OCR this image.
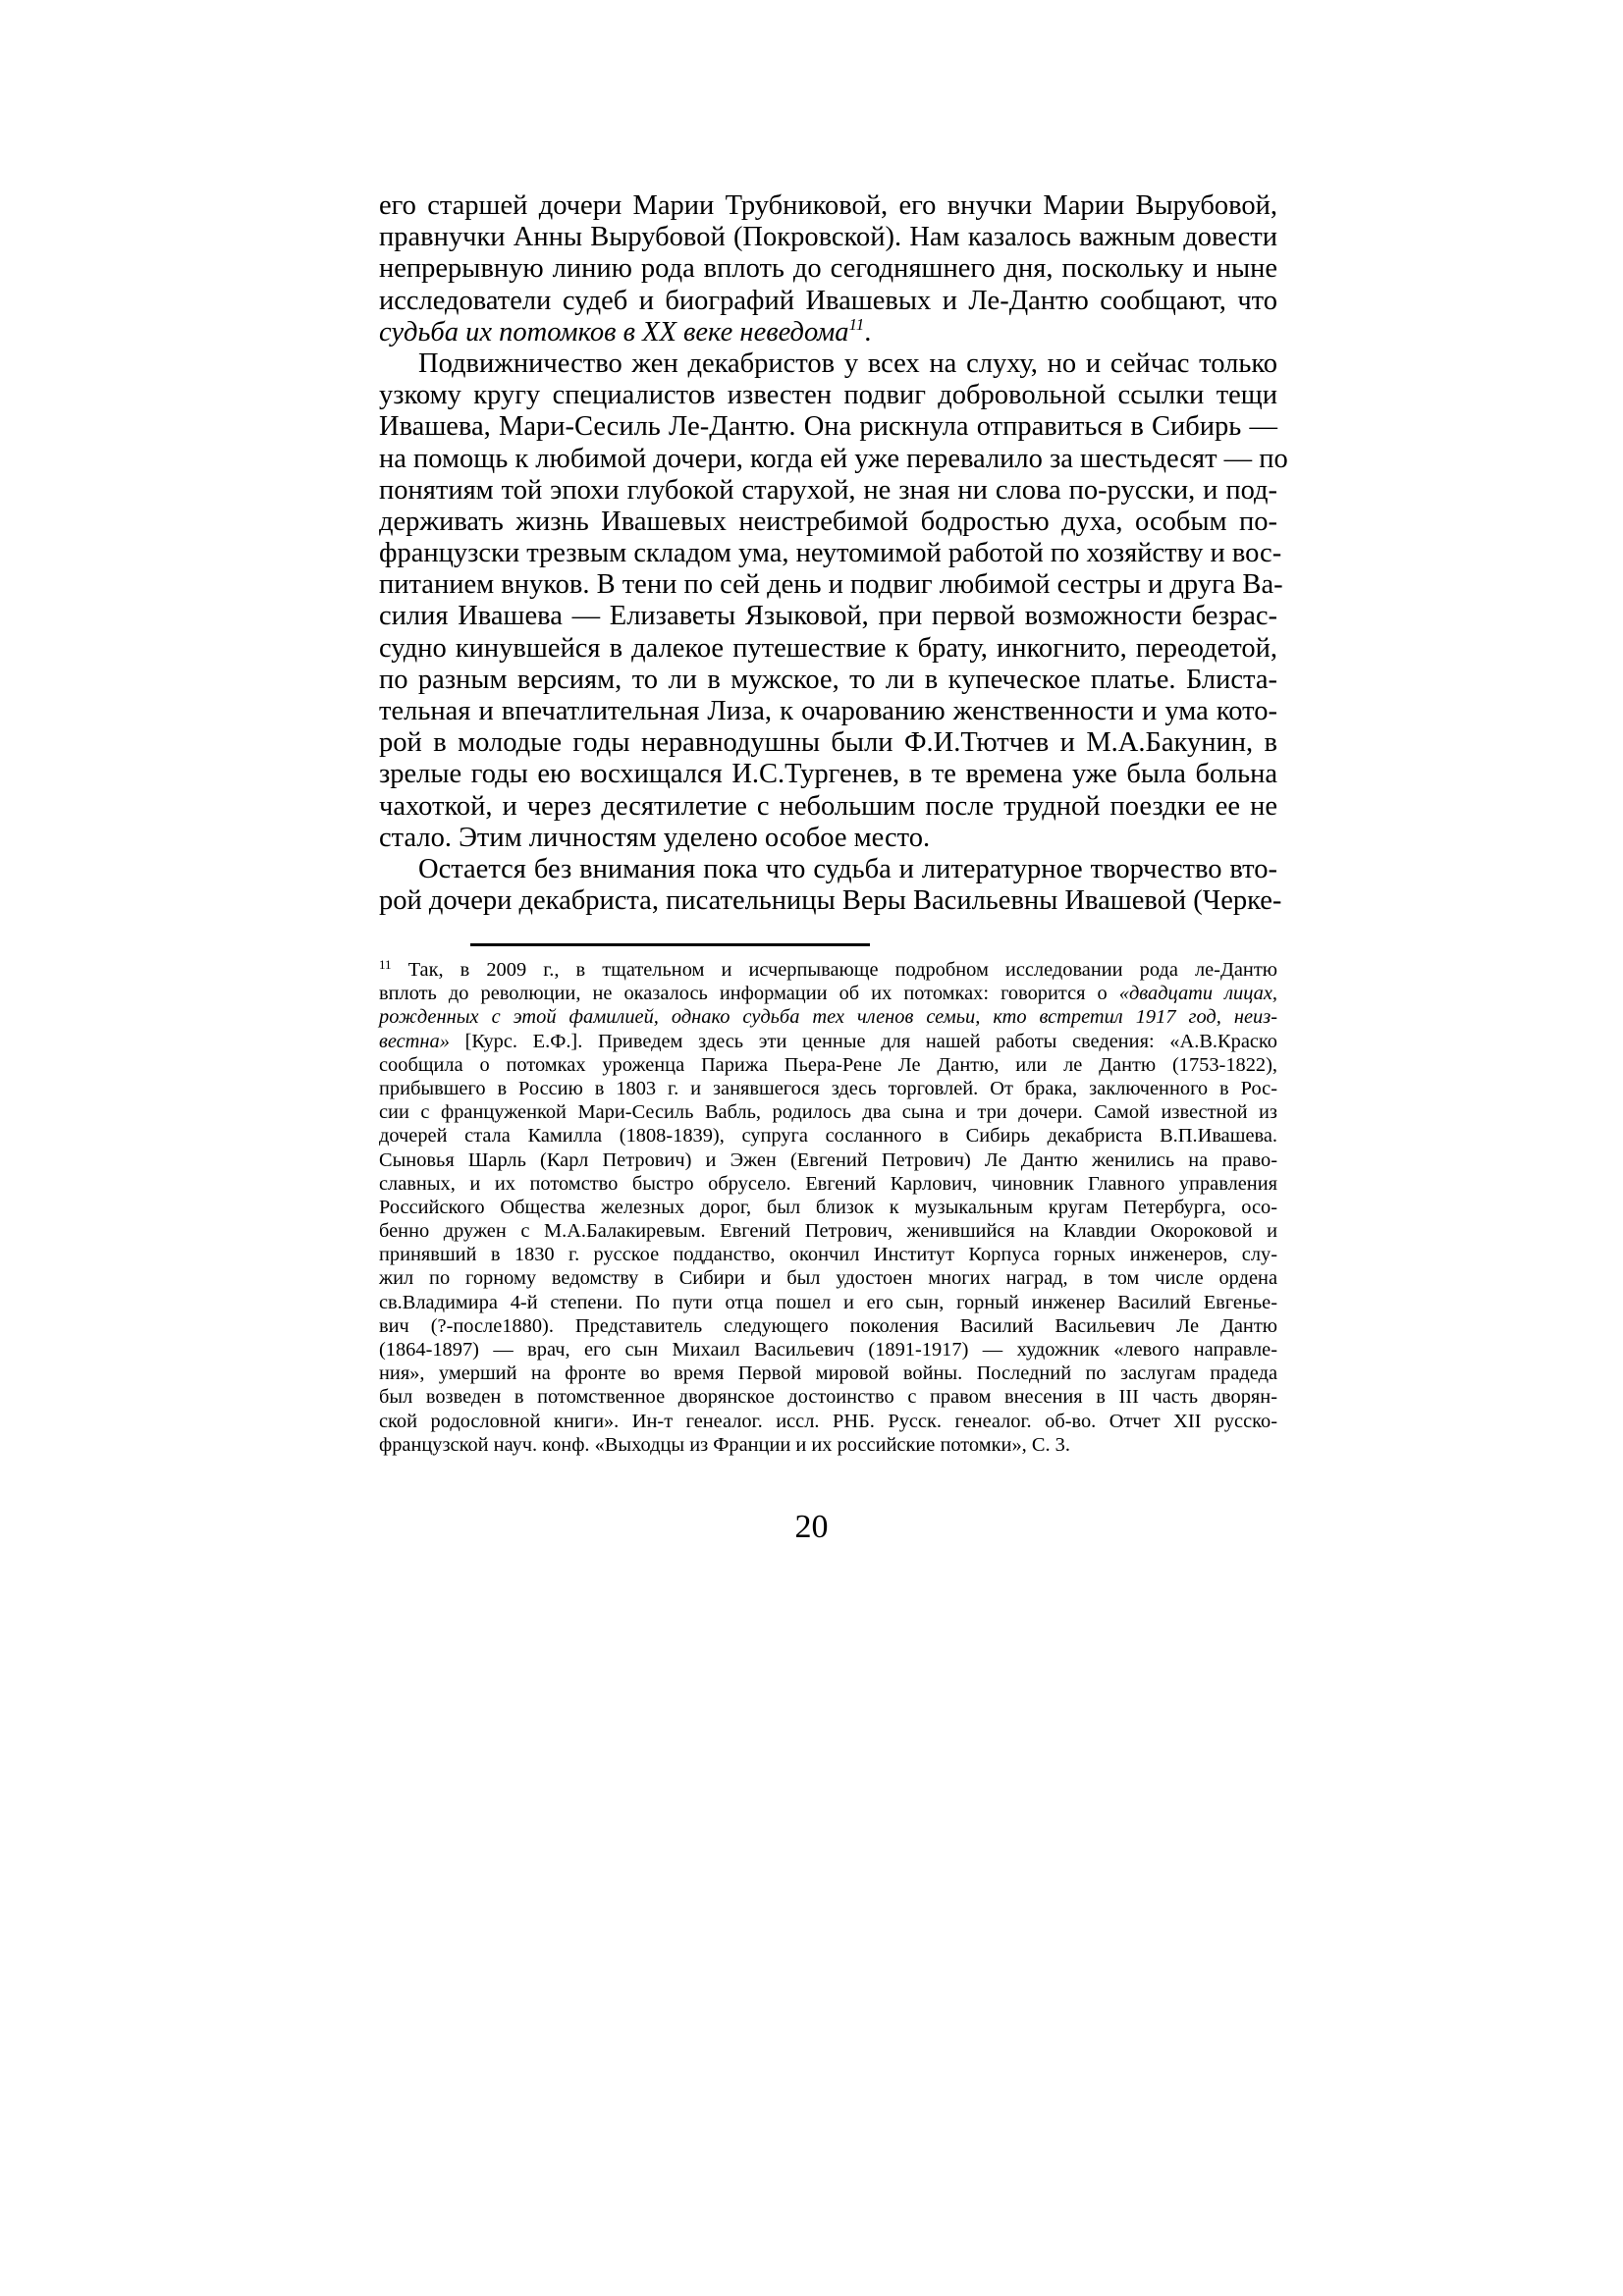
его старшей дочери Марии Трубниковой, его внучки Марии Вырубовой,
правнучки Анны Вырубовой (Покровской). Нам казалось важным довести
непрерывную линию рода вплоть до сегодняшнего дня, поскольку и ныне
исследователи судеб и биографий Ивашевых и Ле-Дантю сообщают, что
судьба их потомков в XX веке неведома$^{11}$.
Подвижничество жен декабристов у всех на слуху, но и сейчас только
узкому кругу специалистов известен подвиг добровольной ссылки тещи
Ивашева, Мари-Сесиль Ле-Дантю. Она рискнула отправиться в Сибирь —
на помощь к любимой дочери, когда ей уже перевалило за шестьдесят — по
понятиям той эпохи глубокой старухой, не зная ни слова по-русски, и под-
держивать жизнь Ивашевых неистребимой бодростью духа, особым по-
французски трезвым складом ума, неутомимой работой по хозяйству и вос-
питанием внуков. В тени по сей день и подвиг любимой сестры и друга Ва-
силия Ивашева — Елизаветы Языковой, при первой возможности безрас-
судно кинувшейся в далекое путешествие к брату, инкогнито, переодетой,
по разным версиям, то ли в мужское, то ли в купеческое платье. Блиста-
тельная и впечатлительная Лиза, к очарованию женственности и ума кото-
рой в молодые годы неравнодушны были Ф.И.Тютчев и М.А.Бакунин, в
зрелые годы ею восхищался И.С.Тургенев, в те времена уже была больна
чахоткой, и через десятилетие с небольшим после трудной поездки ее не
стало. Этим личностям уделено особое место.
Остается без внимания пока что судьба и литературное творчество вто-
рой дочери декабриста, писательницы Веры Васильевны Ивашевой (Черке-
$^{11}$ Так, в 2009 г., в тщательном и исчерпывающе подробном исследовании рода ле-Дантю
вплоть до революции, не оказалось информации об их потомках: говорится о «двадцати лицах,
рожденных с этой фамилией, однако судьба тех членов семьи, кто встретил 1917 год, неиз-
вестна» [Курс. Е.Ф.]. Приведем здесь эти ценные для нашей работы сведения: «А.В.Краско
сообщила о потомках уроженца Парижа Пьера-Рене Ле Дантю, или ле Дантю (1753-1822),
прибывшего в Россию в 1803 г. и занявшегося здесь торговлей. От брака, заключенного в Рос-
сии с француженкой Мари-Сесиль Вабль, родилось два сына и три дочери. Самой известной из
дочерей стала Камилла (1808-1839), супруга сосланного в Сибирь декабриста В.П.Ивашева.
Сыновья Шарль (Карл Петрович) и Эжен (Евгений Петрович) Ле Дантю женились на право-
славных, и их потомство быстро обрусело. Евгений Карлович, чиновник Главного управления
Российского Общества железных дорог, был близок к музыкальным кругам Петербурга, осо-
бенно дружен с М.А.Балакиревым. Евгений Петрович, женившийся на Клавдии Окороковой и
принявший в 1830 г. русское подданство, окончил Институт Корпуса горных инженеров, слу-
жил по горному ведомству в Сибири и был удостоен многих наград, в том числе ордена
св.Владимира 4-й степени. По пути отца пошел и его сын, горный инженер Василий Евгенье-
вич (?-после1880). Представитель следующего поколения Василий Васильевич Ле Дантю
(1864-1897) — врач, его сын Михаил Васильевич (1891-1917) — художник «левого направле-
ния», умерший на фронте во время Первой мировой войны. Последний по заслугам прадеда
был возведен в потомственное дворянское достоинство с правом внесения в III часть дворян-
ской родословной книги». Ин-т генеалог. иссл. РНБ. Русск. генеалог. об-во. Отчет XII русско-
французской науч. конф. «Выходцы из Франции и их российские потомки», С. 3.
20
